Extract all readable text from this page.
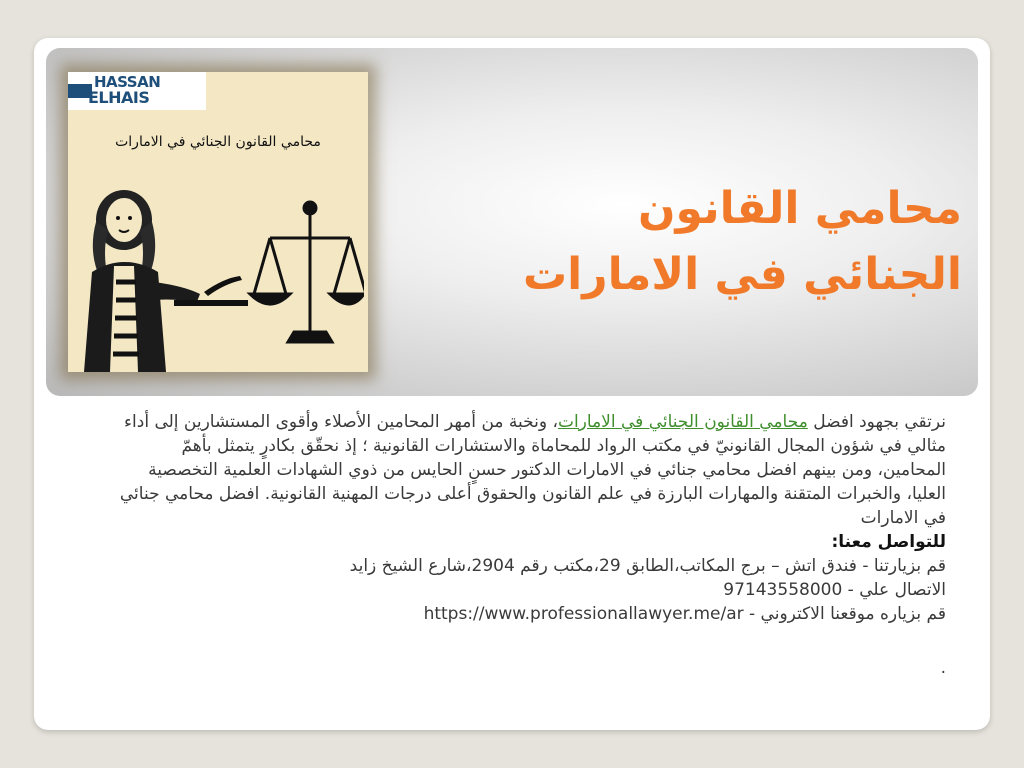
HASSAN
ELHAIS
محامي القانون الجنائي في الامارات
محامي القانون
الجنائي في الامارات

نرتقي بجهود افضل محامي القانون الجنائي في الامارات، ونخبة من أمهر المحامين الأصلاء وأقوى المستشارين إلى أداء مثالي في شؤون المجال القانونيّ في مكتب الرواد للمحاماة والاستشارات القانونية ؛ إذ نحقّق بكادرٍ يتمثل بأهمّ المحامين، ومن بينهم افضل محامي جنائي في الامارات الدكتور حسنٍ الحايس من ذوي الشهادات العلمية التخصصية العليا، والخبرات المتقنة والمهارات البارزة في علم القانون والحقوق أعلى درجات المهنية القانونية. افضل محامي جنائي في الامارات

للتواصل معنا:

قم بزيارتنا - فندق اتش – برج المكاتب،الطابق 29،مكتب رقم 2904،شارع الشيخ زايد

الاتصال علي - 97143558000

قم بزياره موقعنا الاكتروني - https://www.professionallawyer.me/ar

.
